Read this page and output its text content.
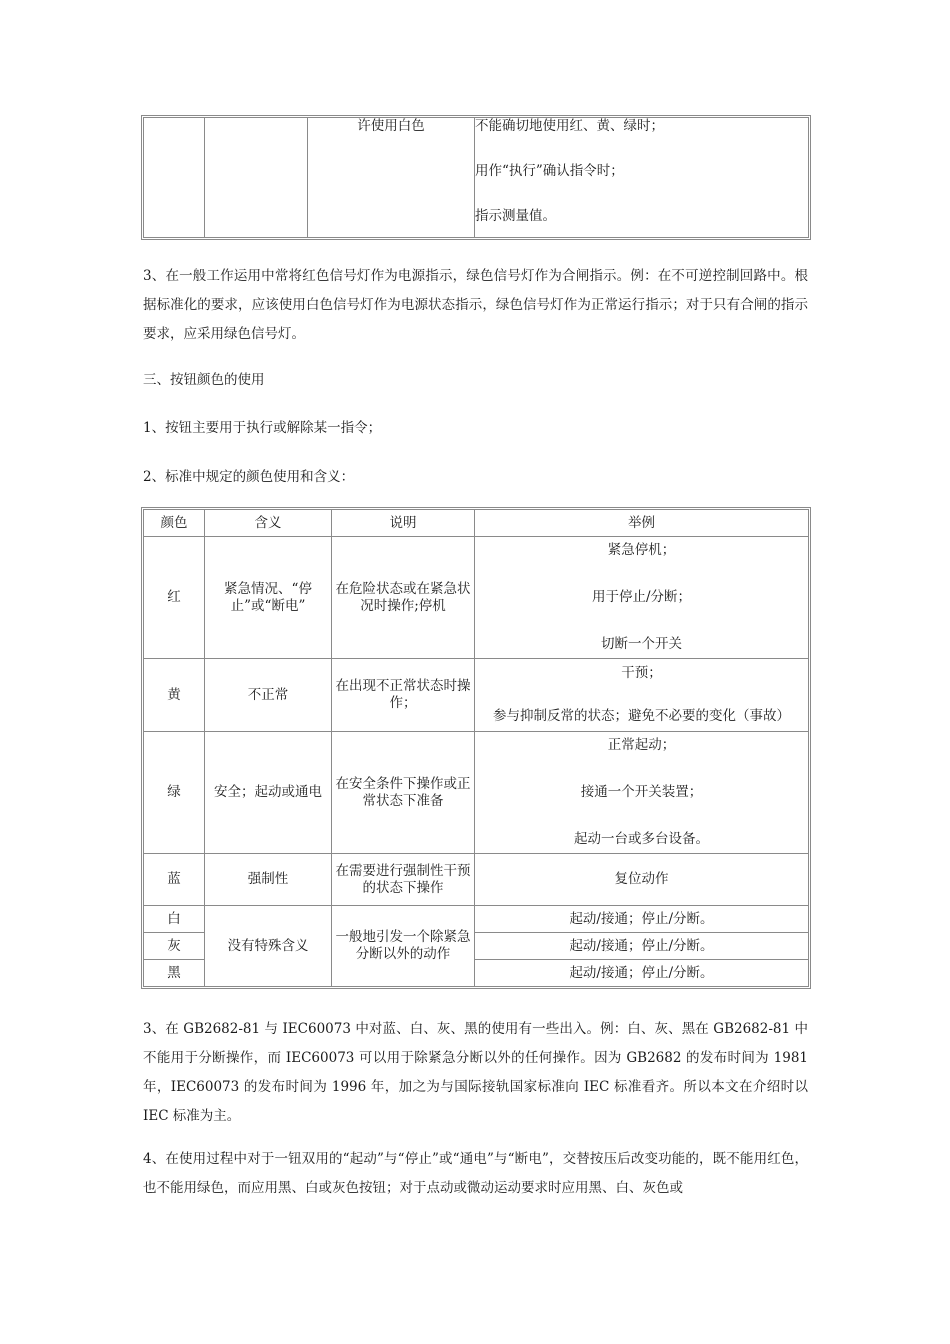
		许使用白色	不能确切地使用红、黄、绿时；

用作“执行”确认指令时；

指示测量值。

3、在一般工作运用中常将红色信号灯作为电源指示，绿色信号灯作为合闸指示。例：在不可逆控制回路中。根据标准化的要求，应该使用白色信号灯作为电源状态指示，绿色信号灯作为正常运行指示；对于只有合闸的指示要求，应采用绿色信号灯。
三、按钮颜色的使用
1、按钮主要用于执行或解除某一指令；
2、标准中规定的颜色使用和含义：
颜色	含义	说明	举例
红	紧急情况、“停止”或“断电”	在危险状态或在紧急状况时操作;停机	紧急停机；

用于停止/分断；

切断一个开关

黄	不正常	在出现不正常状态时操作；	干预；

参与抑制反常的状态；避免不必要的变化（事故）

绿	安全；起动或通电	在安全条件下操作或正常状态下准备	正常起动；

接通一个开关装置；

起动一台或多台设备。

蓝	强制性	在需要进行强制性干预的状态下操作	复位动作
白	没有特殊含义	一般地引发一个除紧急分断以外的动作	起动/接通；停止/分断。
灰			起动/接通；停止/分断。
黑			起动/接通；停止/分断。
3、在 GB2682-81 与 IEC60073 中对蓝、白、灰、黑的使用有一些出入。例：白、灰、黑在 GB2682-81 中不能用于分断操作，而 IEC60073 可以用于除紧急分断以外的任何操作。因为 GB2682 的发布时间为 1981 年，IEC60073 的发布时间为 1996 年，加之为与国际接轨国家标准向 IEC 标准看齐。所以本文在介绍时以 IEC 标准为主。
4、在使用过程中对于一钮双用的“起动”与“停止”或“通电”与“断电”，交替按压后改变功能的，既不能用红色，也不能用绿色，而应用黑、白或灰色按钮；对于点动或微动运动要求时应用黑、白、灰色或
